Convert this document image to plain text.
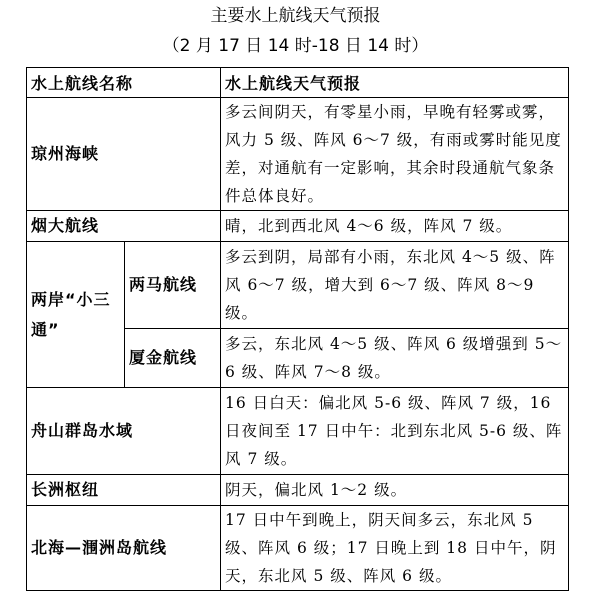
主要水上航线天气预报
（2 月 17 日 14 时-18 日 14 时）
水上航线名称		水上航线天气预报
琼州海峡		多云间阴天，有零星小雨，早晚有轻雾或雾，风力 5 级、阵风 6～7 级，有雨或雾时能见度差，对通航有一定影响，其余时段通航气象条件总体良好。
烟大航线		晴，北到西北风 4～6 级，阵风 7 级。
两岸“小三通”	两马航线	多云到阴，局部有小雨，东北风 4～5 级、阵风 6～7 级，增大到 6～7 级、阵风 8～9 级。
	厦金航线	多云，东北风 4～5 级、阵风 6 级增强到 5～6 级、阵风 7～8 级。
舟山群岛水域		16 日白天：偏北风 5-6 级、阵风 7 级，16 日夜间至 17 日中午：北到东北风 5-6 级、阵风 7 级。
长洲枢纽		阴天，偏北风 1～2 级。
北海—涠洲岛航线		17 日中午到晚上，阴天间多云，东北风 5 级、阵风 6 级；17 日晚上到 18 日中午，阴天，东北风 5 级、阵风 6 级。
